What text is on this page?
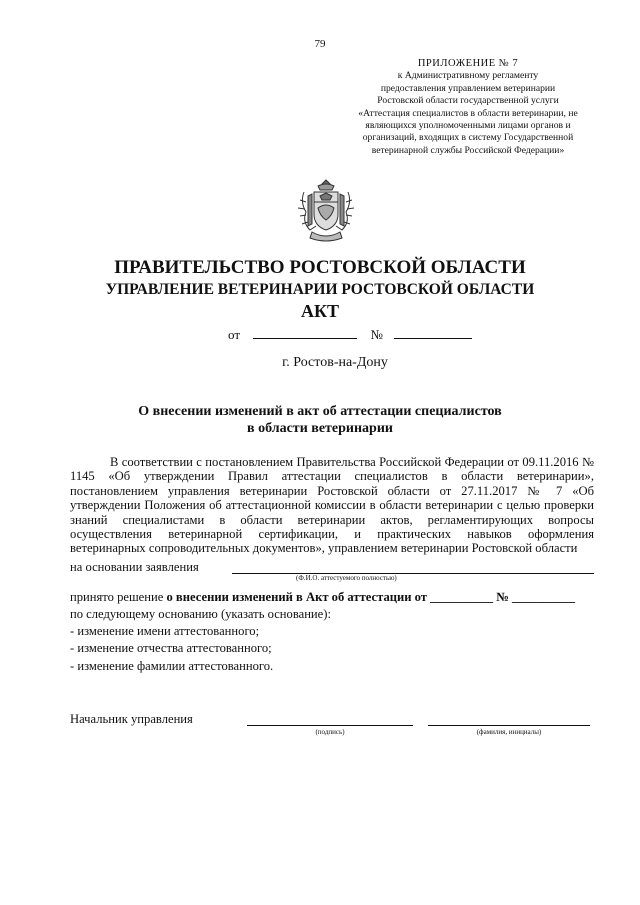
79
ПРИЛОЖЕНИЕ № 7
к Административному регламенту
предоставления управлением ветеринарии
Ростовской области государственной услуги
«Аттестация специалистов в области ветеринарии, не
являющихся уполномоченными лицами органов и
организаций, входящих в систему Государственной
ветеринарной службы Российской Федерации»
ПРАВИТЕЛЬСТВО РОСТОВСКОЙ ОБЛАСТИ
УПРАВЛЕНИЕ ВЕТЕРИНАРИИ РОСТОВСКОЙ ОБЛАСТИ
АКТ
от	№
г. Ростов-на-Дону
О внесении изменений в акт об аттестации специалистов
в области ветеринарии

В соответствии с постановлением Правительства Российской Федерации от 09.11.2016 № 1145 «Об утверждении Правил аттестации специалистов в области ветеринарии», постановлением управления ветеринарии Ростовской области от 27.11.2017 № 7 «Об утверждении Положения об аттестационной комиссии в области ветеринарии с целью проверки знаний специалистами в области ветеринарии актов, регламентирующих вопросы осуществления ветеринарной сертификации, и практических навыков оформления ветеринарных сопроводительных документов», управлением ветеринарии Ростовской области

на основании заявления
(Ф.И.О. аттестуемого полностью)
принято решение о внесении изменений в Акт об аттестации от __________ № __________
по следующему основанию (указать основание):
- изменение имени аттестованного;
- изменение отчества аттестованного;
- изменение фамилии аттестованного.
Начальник управления
(подпись)	(фамилия, инициалы)
